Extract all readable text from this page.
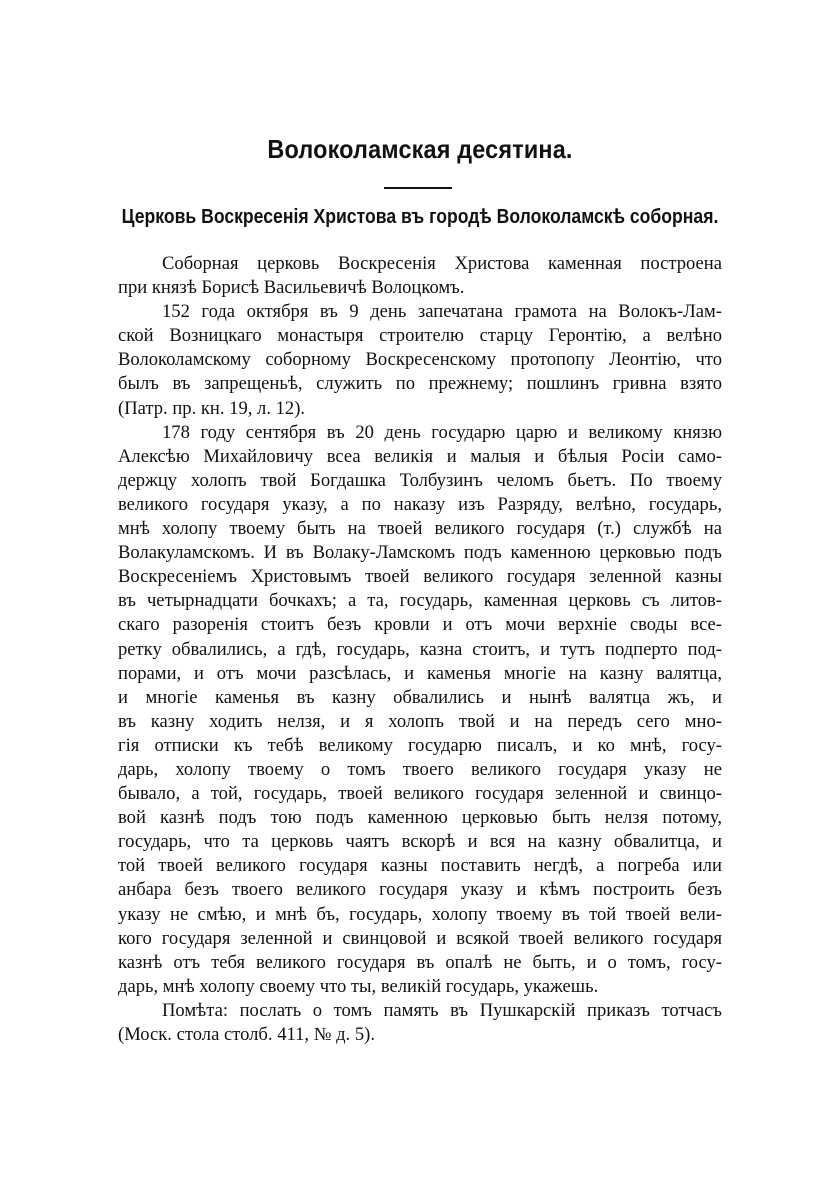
Волоколамская десятина.
Церковь Воскресенія Христова въ городѣ Волоколамскѣ соборная.
Соборная церковь Воскресенія Христова каменная построена
при князѣ Борисѣ Васильевичѣ Волоцкомъ.
152 года октября въ 9 день запечатана грамота на Волокъ-Лам-
ской Возницкаго монастыря строителю старцу Геронтію, а велѣно
Волоколамскому соборному Воскресенскому протопопу Леонтію, что
былъ въ запрещеньѣ, служить по прежнему; пошлинъ гривна взято
(Патр. пр. кн. 19, л. 12).
178 году сентября въ 20 день государю царю и великому князю
Алексѣю Михайловичу всеа великія и малыя и бѣлыя Росіи само-
держцу холопъ твой Богдашка Толбузинъ челомъ бьетъ. По твоему
великого государя указу, а по наказу изъ Разряду, велѣно, государь,
мнѣ холопу твоему быть на твоей великого государя (т.) службѣ на
Волакуламскомъ. И въ Волаку-Ламскомъ подъ каменною церковью подъ
Воскресеніемъ Христовымъ твоей великого государя зеленной казны
въ четырнадцати бочкахъ; а та, государь, каменная церковь съ литов-
скаго разоренія стоитъ безъ кровли и отъ мочи верхніе своды все-
ретку обвалились, а гдѣ, государь, казна стоитъ, и тутъ подперто под-
порами, и отъ мочи разсѣлась, и каменья многіе на казну валятца,
и многіе каменья въ казну обвалились и нынѣ валятца жъ, и
въ казну ходить нелзя, и я холопъ твой и на передъ сего мно-
гія отписки къ тебѣ великому государю писалъ, и ко мнѣ, госу-
дарь, холопу твоему о томъ твоего великого государя указу не
бывало, а той, государь, твоей великого государя зеленной и свинцо-
вой казнѣ подъ тою подъ каменною церковью быть нелзя потому,
государь, что та церковь чаятъ вскорѣ и вся на казну обвалитца, и
той твоей великого государя казны поставить негдѣ, а погреба или
анбара безъ твоего великого государя указу и кѣмъ построить безъ
указу не смѣю, и мнѣ бъ, государь, холопу твоему въ той твоей вели-
кого государя зеленной и свинцовой и всякой твоей великого государя
казнѣ отъ тебя великого государя въ опалѣ не быть, и о томъ, госу-
дарь, мнѣ холопу своему что ты, великій государь, укажешь.
Помѣта: послать о томъ память въ Пушкарскій приказъ тотчасъ
(Моск. стола столб. 411, № д. 5).
